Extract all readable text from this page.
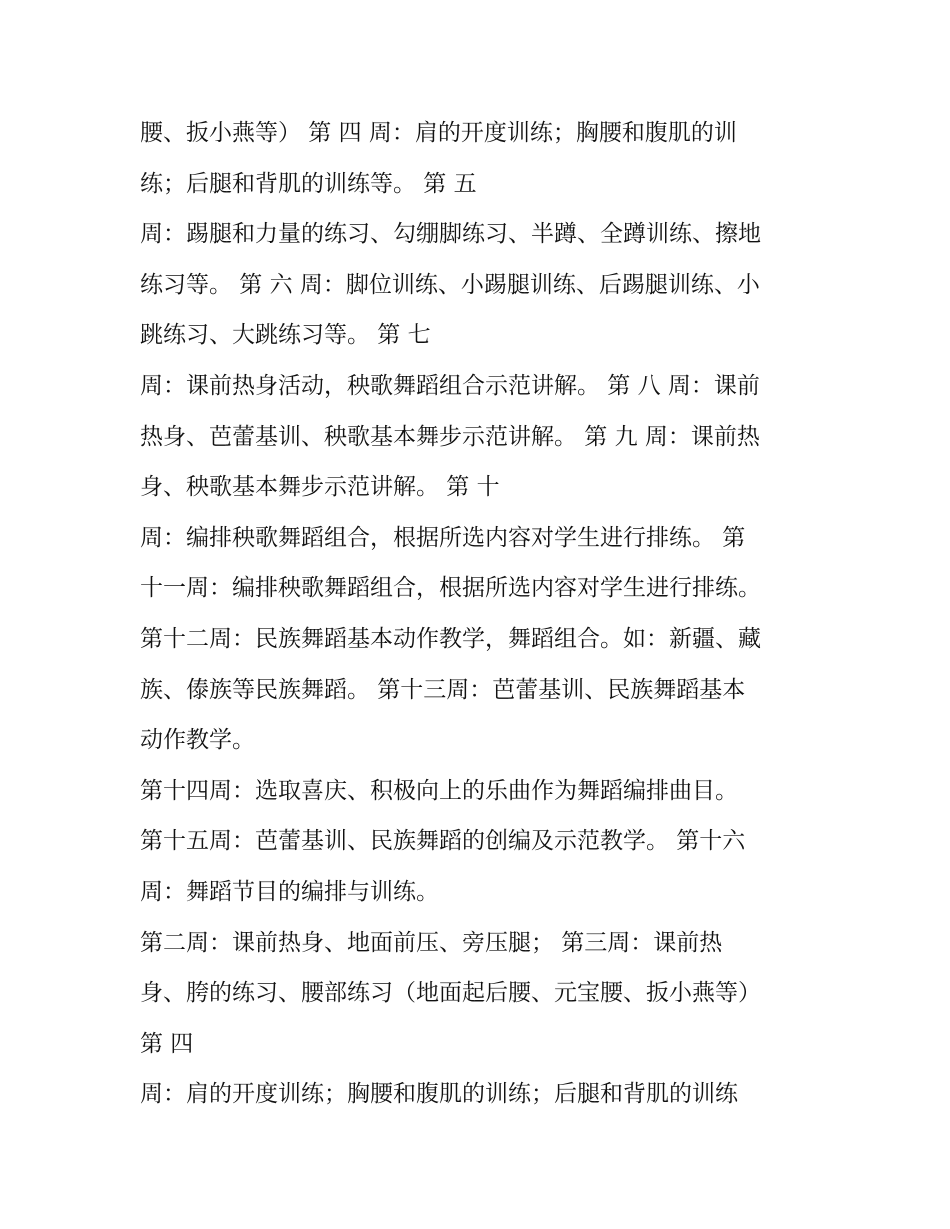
腰、扳小燕等） 第 四 周：肩的开度训练；胸腰和腹肌的训
练；后腿和背肌的训练等。 第 五
周：踢腿和力量的练习、勾绷脚练习、半蹲、全蹲训练、擦地
练习等。 第 六 周：脚位训练、小踢腿训练、后踢腿训练、小
跳练习、大跳练习等。 第 七
周：课前热身活动，秧歌舞蹈组合示范讲解。 第 八 周：课前
热身、芭蕾基训、秧歌基本舞步示范讲解。 第 九 周：课前热
身、秧歌基本舞步示范讲解。 第 十
周：编排秧歌舞蹈组合，根据所选内容对学生进行排练。 第
十一周：编排秧歌舞蹈组合，根据所选内容对学生进行排练。
第十二周：民族舞蹈基本动作教学，舞蹈组合。如：新疆、藏
族、傣族等民族舞蹈。 第十三周：芭蕾基训、民族舞蹈基本
动作教学。
第十四周：选取喜庆、积极向上的乐曲作为舞蹈编排曲目。
第十五周：芭蕾基训、民族舞蹈的创编及示范教学。 第十六
周：舞蹈节目的编排与训练。
第二周：课前热身、地面前压、旁压腿； 第三周：课前热
身、胯的练习、腰部练习（地面起后腰、元宝腰、扳小燕等）
第 四
周：肩的开度训练；胸腰和腹肌的训练；后腿和背肌的训练
